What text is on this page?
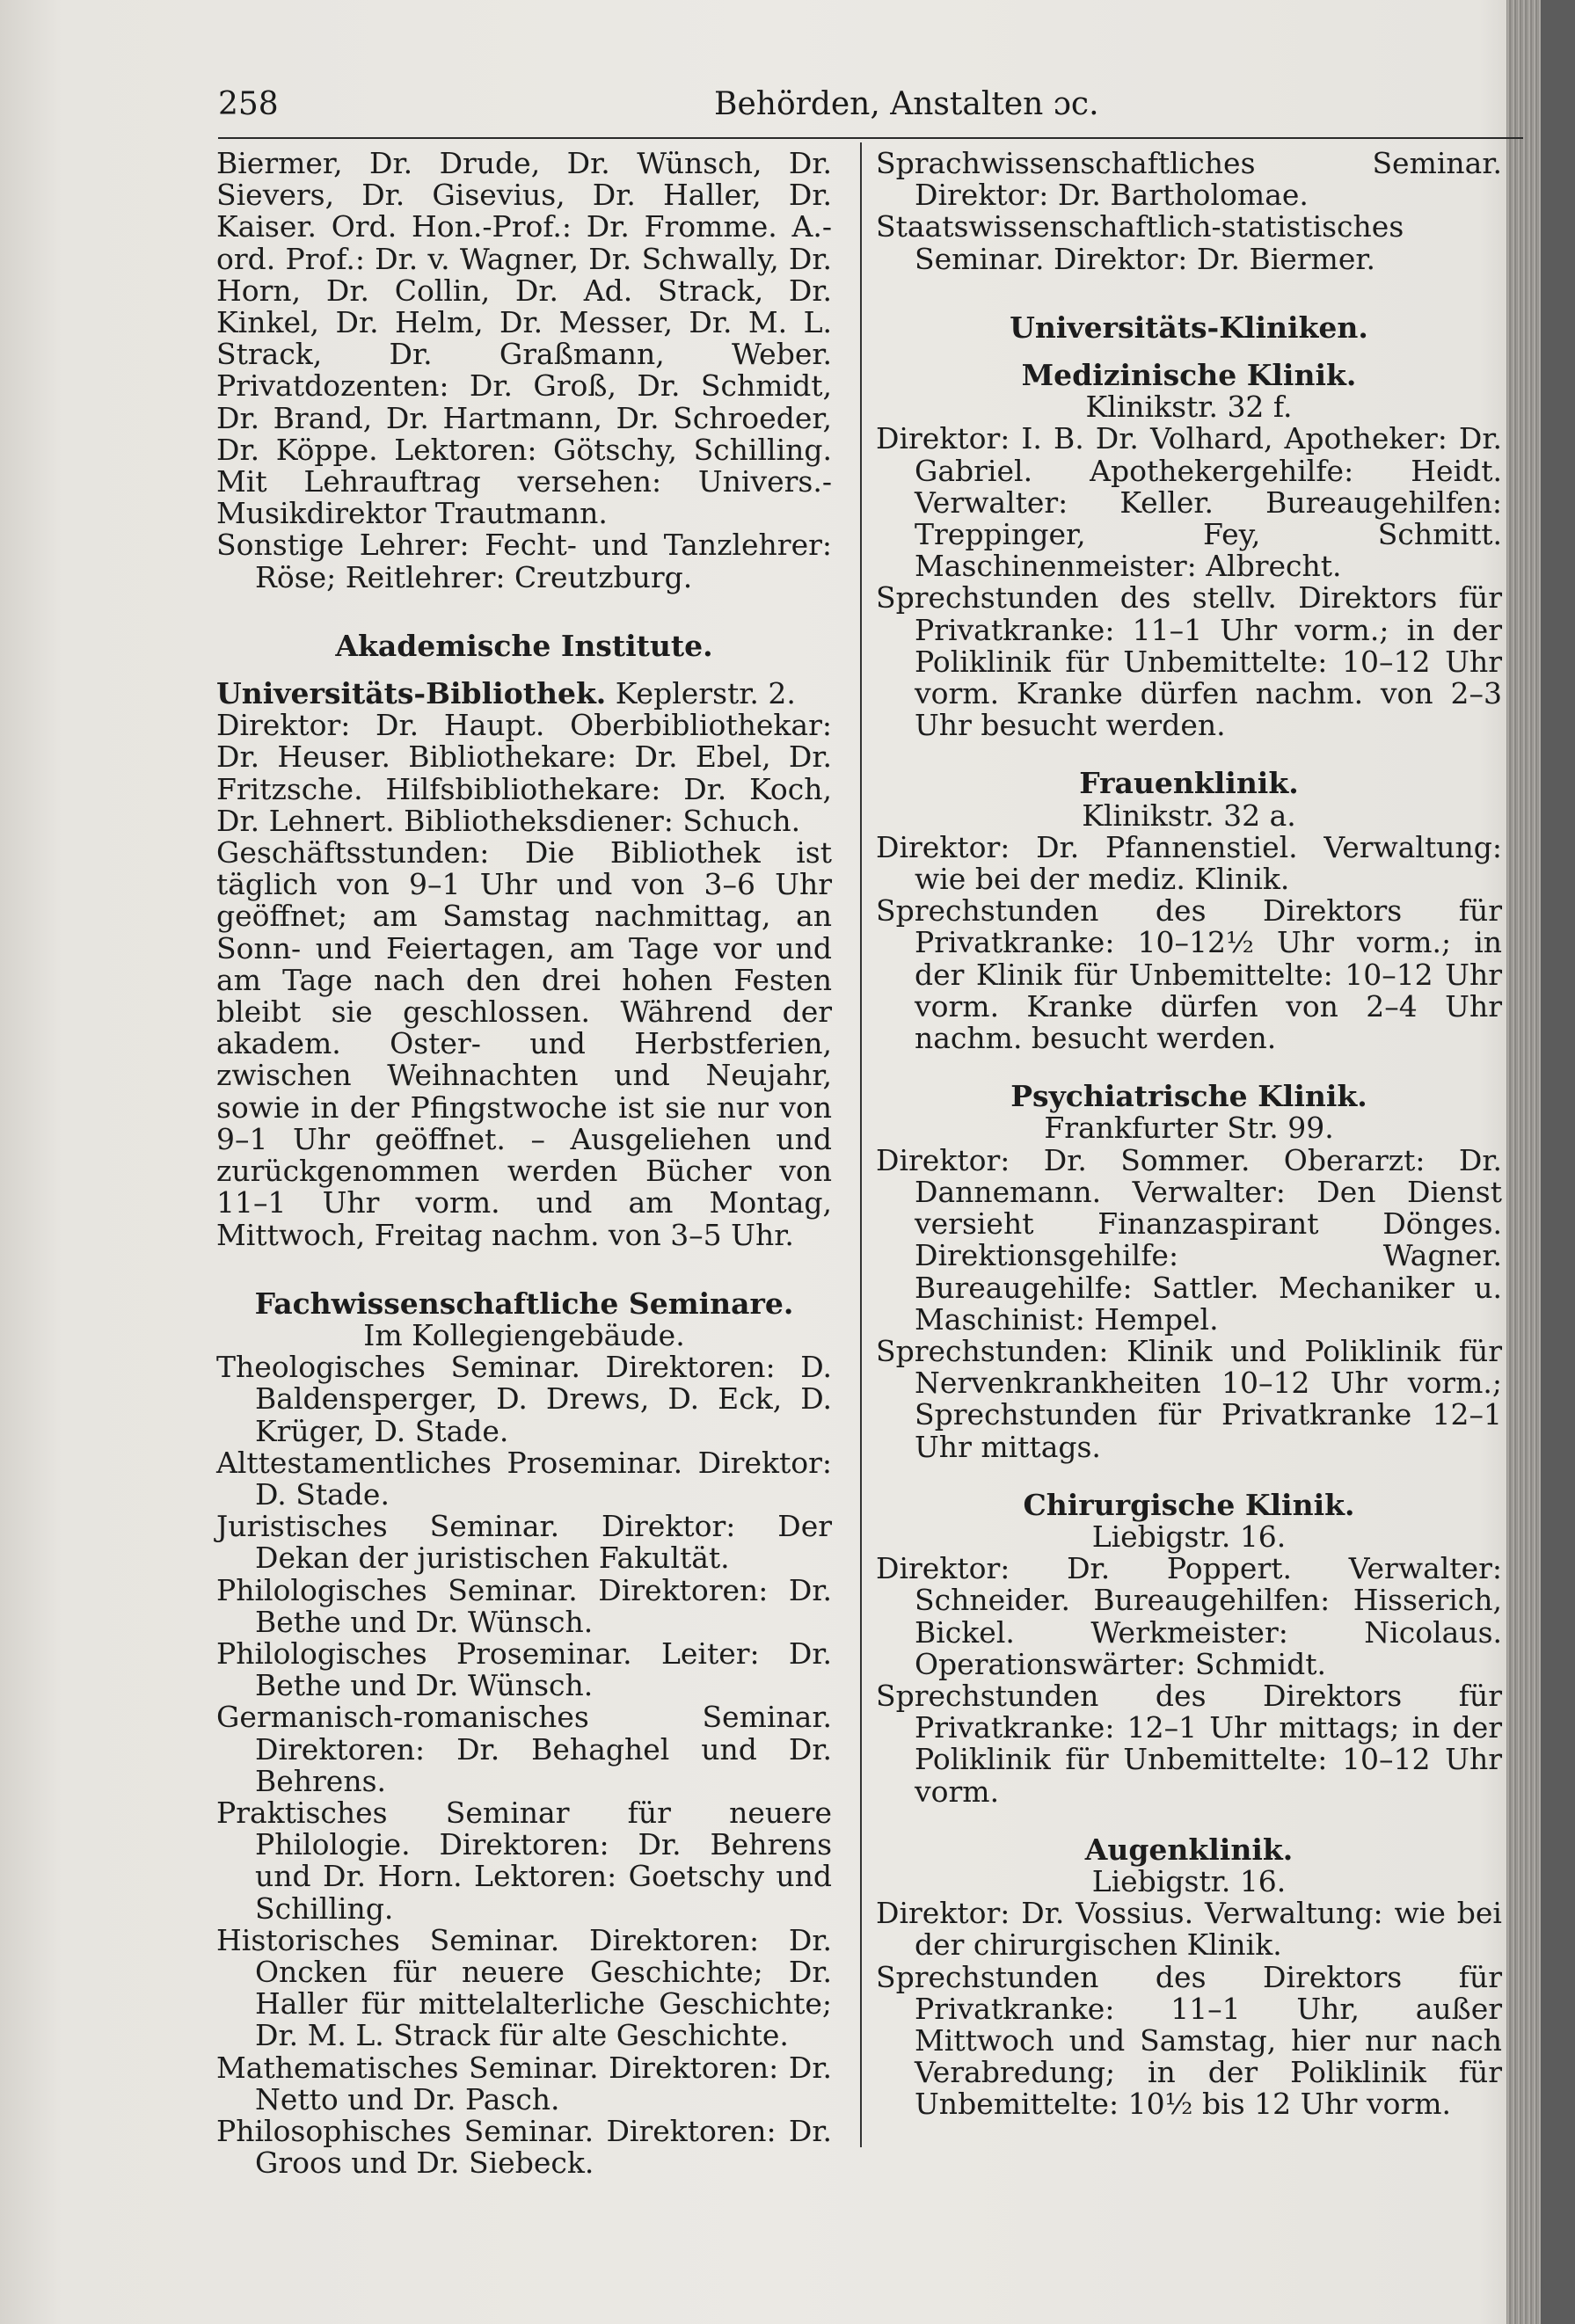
258	Behörden, Anstalten ɔc.

Biermer, Dr. Drude, Dr. Wünsch, Dr. Sievers, Dr. Gisevius, Dr. Haller, Dr. Kaiser. Ord. Hon.-Prof.: Dr. Fromme. A.-ord. Prof.: Dr. v. Wagner, Dr. Schwally, Dr. Horn, Dr. Collin, Dr. Ad. Strack, Dr. Kinkel, Dr. Helm, Dr. Messer, Dr. M. L. Strack, Dr. Graßmann, Weber. Privatdozenten: Dr. Groß, Dr. Schmidt, Dr. Brand, Dr. Hartmann, Dr. Schroeder, Dr. Köppe. Lektoren: Götschy, Schilling. Mit Lehrauftrag versehen: Univers.-Musikdirektor Trautmann.

Sonstige Lehrer: Fecht- und Tanzlehrer: Röse; Reitlehrer: Creutzburg.

Akademische Institute.

Universitäts-Bibliothek. Keplerstr. 2.

Direktor: Dr. Haupt. Oberbibliothekar: Dr. Heuser. Bibliothekare: Dr. Ebel, Dr. Fritzsche. Hilfsbibliothekare: Dr. Koch, Dr. Lehnert. Bibliotheksdiener: Schuch.

Geschäftsstunden: Die Bibliothek ist täglich von 9–1 Uhr und von 3–6 Uhr geöffnet; am Samstag nachmittag, an Sonn- und Feiertagen, am Tage vor und am Tage nach den drei hohen Festen bleibt sie geschlossen. Während der akadem. Oster- und Herbstferien, zwischen Weihnachten und Neujahr, sowie in der Pfingstwoche ist sie nur von 9–1 Uhr geöffnet. – Ausgeliehen und zurückgenommen werden Bücher von 11–1 Uhr vorm. und am Montag, Mittwoch, Freitag nachm. von 3–5 Uhr.

Fachwissenschaftliche Seminare.

Im Kollegiengebäude.

Theologisches Seminar. Direktoren: D. Baldensperger, D. Drews, D. Eck, D. Krüger, D. Stade.

Alttestamentliches Proseminar. Direktor: D. Stade.

Juristisches Seminar. Direktor: Der Dekan der juristischen Fakultät.

Philologisches Seminar. Direktoren: Dr. Bethe und Dr. Wünsch.

Philologisches Proseminar. Leiter: Dr. Bethe und Dr. Wünsch.

Germanisch-romanisches Seminar. Direktoren: Dr. Behaghel und Dr. Behrens.

Praktisches Seminar für neuere Philologie. Direktoren: Dr. Behrens und Dr. Horn. Lektoren: Goetschy und Schilling.

Historisches Seminar. Direktoren: Dr. Oncken für neuere Geschichte; Dr. Haller für mittelalterliche Geschichte; Dr. M. L. Strack für alte Geschichte.

Mathematisches Seminar. Direktoren: Dr. Netto und Dr. Pasch.

Philosophisches Seminar. Direktoren: Dr. Groos und Dr. Siebeck.

Sprachwissenschaftliches Seminar. Direktor: Dr. Bartholomae.

Staatswissenschaftlich-statistisches Seminar. Direktor: Dr. Biermer.

Universitäts-Kliniken.

Medizinische Klinik.

Klinikstr. 32 f.

Direktor: I. B. Dr. Volhard, Apotheker: Dr. Gabriel. Apothekergehilfe: Heidt. Verwalter: Keller. Bureaugehilfen: Treppinger, Fey, Schmitt. Maschinenmeister: Albrecht.

Sprechstunden des stellv. Direktors für Privatkranke: 11–1 Uhr vorm.; in der Poliklinik für Unbemittelte: 10–12 Uhr vorm. Kranke dürfen nachm. von 2–3 Uhr besucht werden.

Frauenklinik.

Klinikstr. 32 a.

Direktor: Dr. Pfannenstiel. Verwaltung: wie bei der mediz. Klinik.

Sprechstunden des Direktors für Privatkranke: 10–12½ Uhr vorm.; in der Klinik für Unbemittelte: 10–12 Uhr vorm. Kranke dürfen von 2–4 Uhr nachm. besucht werden.

Psychiatrische Klinik.

Frankfurter Str. 99.

Direktor: Dr. Sommer. Oberarzt: Dr. Dannemann. Verwalter: Den Dienst versieht Finanzaspirant Dönges. Direktionsgehilfe: Wagner. Bureaugehilfe: Sattler. Mechaniker u. Maschinist: Hempel.

Sprechstunden: Klinik und Poliklinik für Nervenkrankheiten 10–12 Uhr vorm.; Sprechstunden für Privatkranke 12–1 Uhr mittags.

Chirurgische Klinik.

Liebigstr. 16.

Direktor: Dr. Poppert. Verwalter: Schneider. Bureaugehilfen: Hisserich, Bickel. Werkmeister: Nicolaus. Operationswärter: Schmidt.

Sprechstunden des Direktors für Privatkranke: 12–1 Uhr mittags; in der Poliklinik für Unbemittelte: 10–12 Uhr vorm.

Augenklinik.

Liebigstr. 16.

Direktor: Dr. Vossius. Verwaltung: wie bei der chirurgischen Klinik.

Sprechstunden des Direktors für Privatkranke: 11–1 Uhr, außer Mittwoch und Samstag, hier nur nach Verabredung; in der Poliklinik für Unbemittelte: 10½ bis 12 Uhr vorm.
